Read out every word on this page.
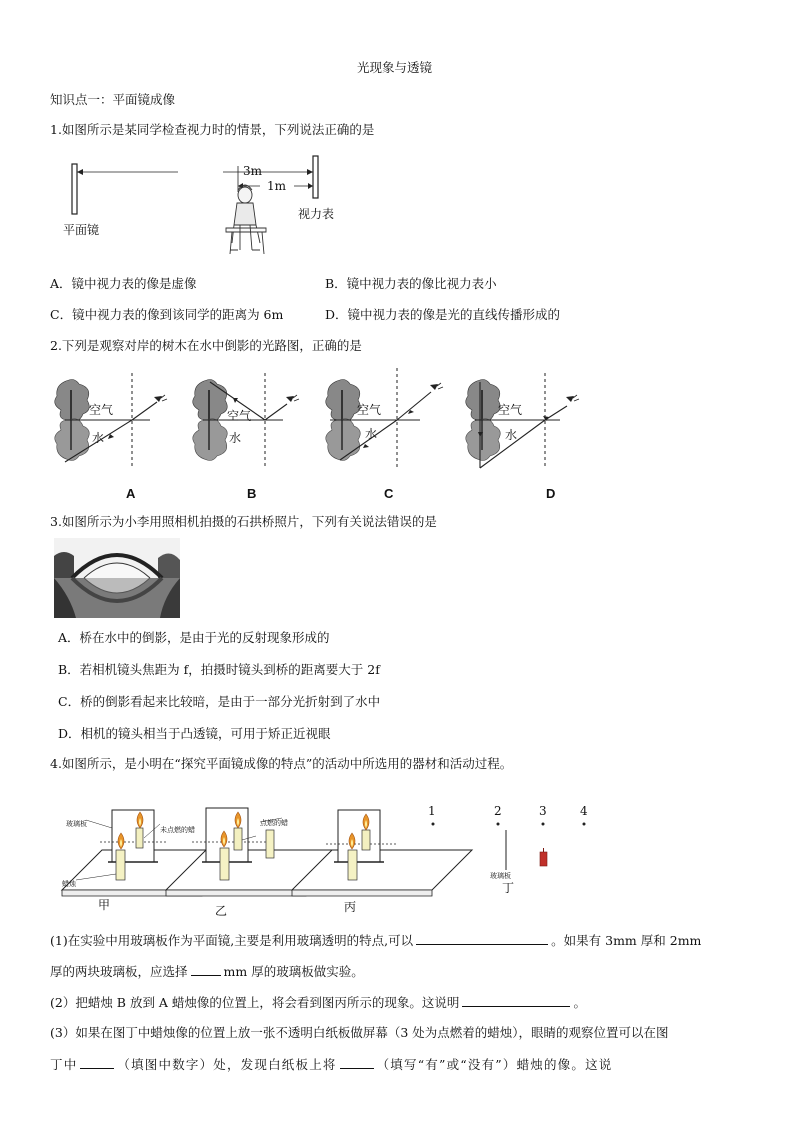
光现象与透镜
知识点一：平面镜成像
1.如图所示是某同学检查视力时的情景，下列说法正确的是
3m
1m
平面镜
视力表
A．镜中视力表的像是虚像	B．镜中视力表的像比视力表小
C．镜中视力表的像到该同学的距离为 6m	D．镜中视力表的像是光的直线传播形成的
2.下列是观察对岸的树木在水中倒影的光路图，正确的是
空气
水
空气
水
空气
水
空气
水
A	B	C	D
3.如图所示为小李用照相机拍摄的石拱桥照片，下列有关说法错误的是
A．桥在水中的倒影，是由于光的反射现象形成的
B．若相机镜头焦距为 f，拍摄时镜头到桥的距离要大于 2f
C．桥的倒影看起来比较暗，是由于一部分光折射到了水中
D．相机的镜头相当于凸透镜，可用于矫正近视眼
4.如图所示，是小明在“探究平面镜成像的特点”的活动中所选用的器材和活动过程。
玻璃板
未点燃的蜡
蜡烛
点燃的蜡
玻璃板
1	2	3	4
甲	乙	丙
丁
(1)在实验中用玻璃板作为平面镜,主要是利用玻璃透明的特点,可以	。如果有 3mm 厚和 2mm
厚的两块玻璃板，应选择	mm 厚的玻璃板做实验。
(2）把蜡烛 B 放到 A 蜡烛像的位置上，将会看到图丙所示的现象。这说明	。
(3）如果在图丁中蜡烛像的位置上放一张不透明白纸板做屏幕（3 处为点燃着的蜡烛），眼睛的观察位置可以在图
丁中	（填图中数字）处，发现白纸板上将	（填写“有”或“没有”）蜡烛的像。这说
